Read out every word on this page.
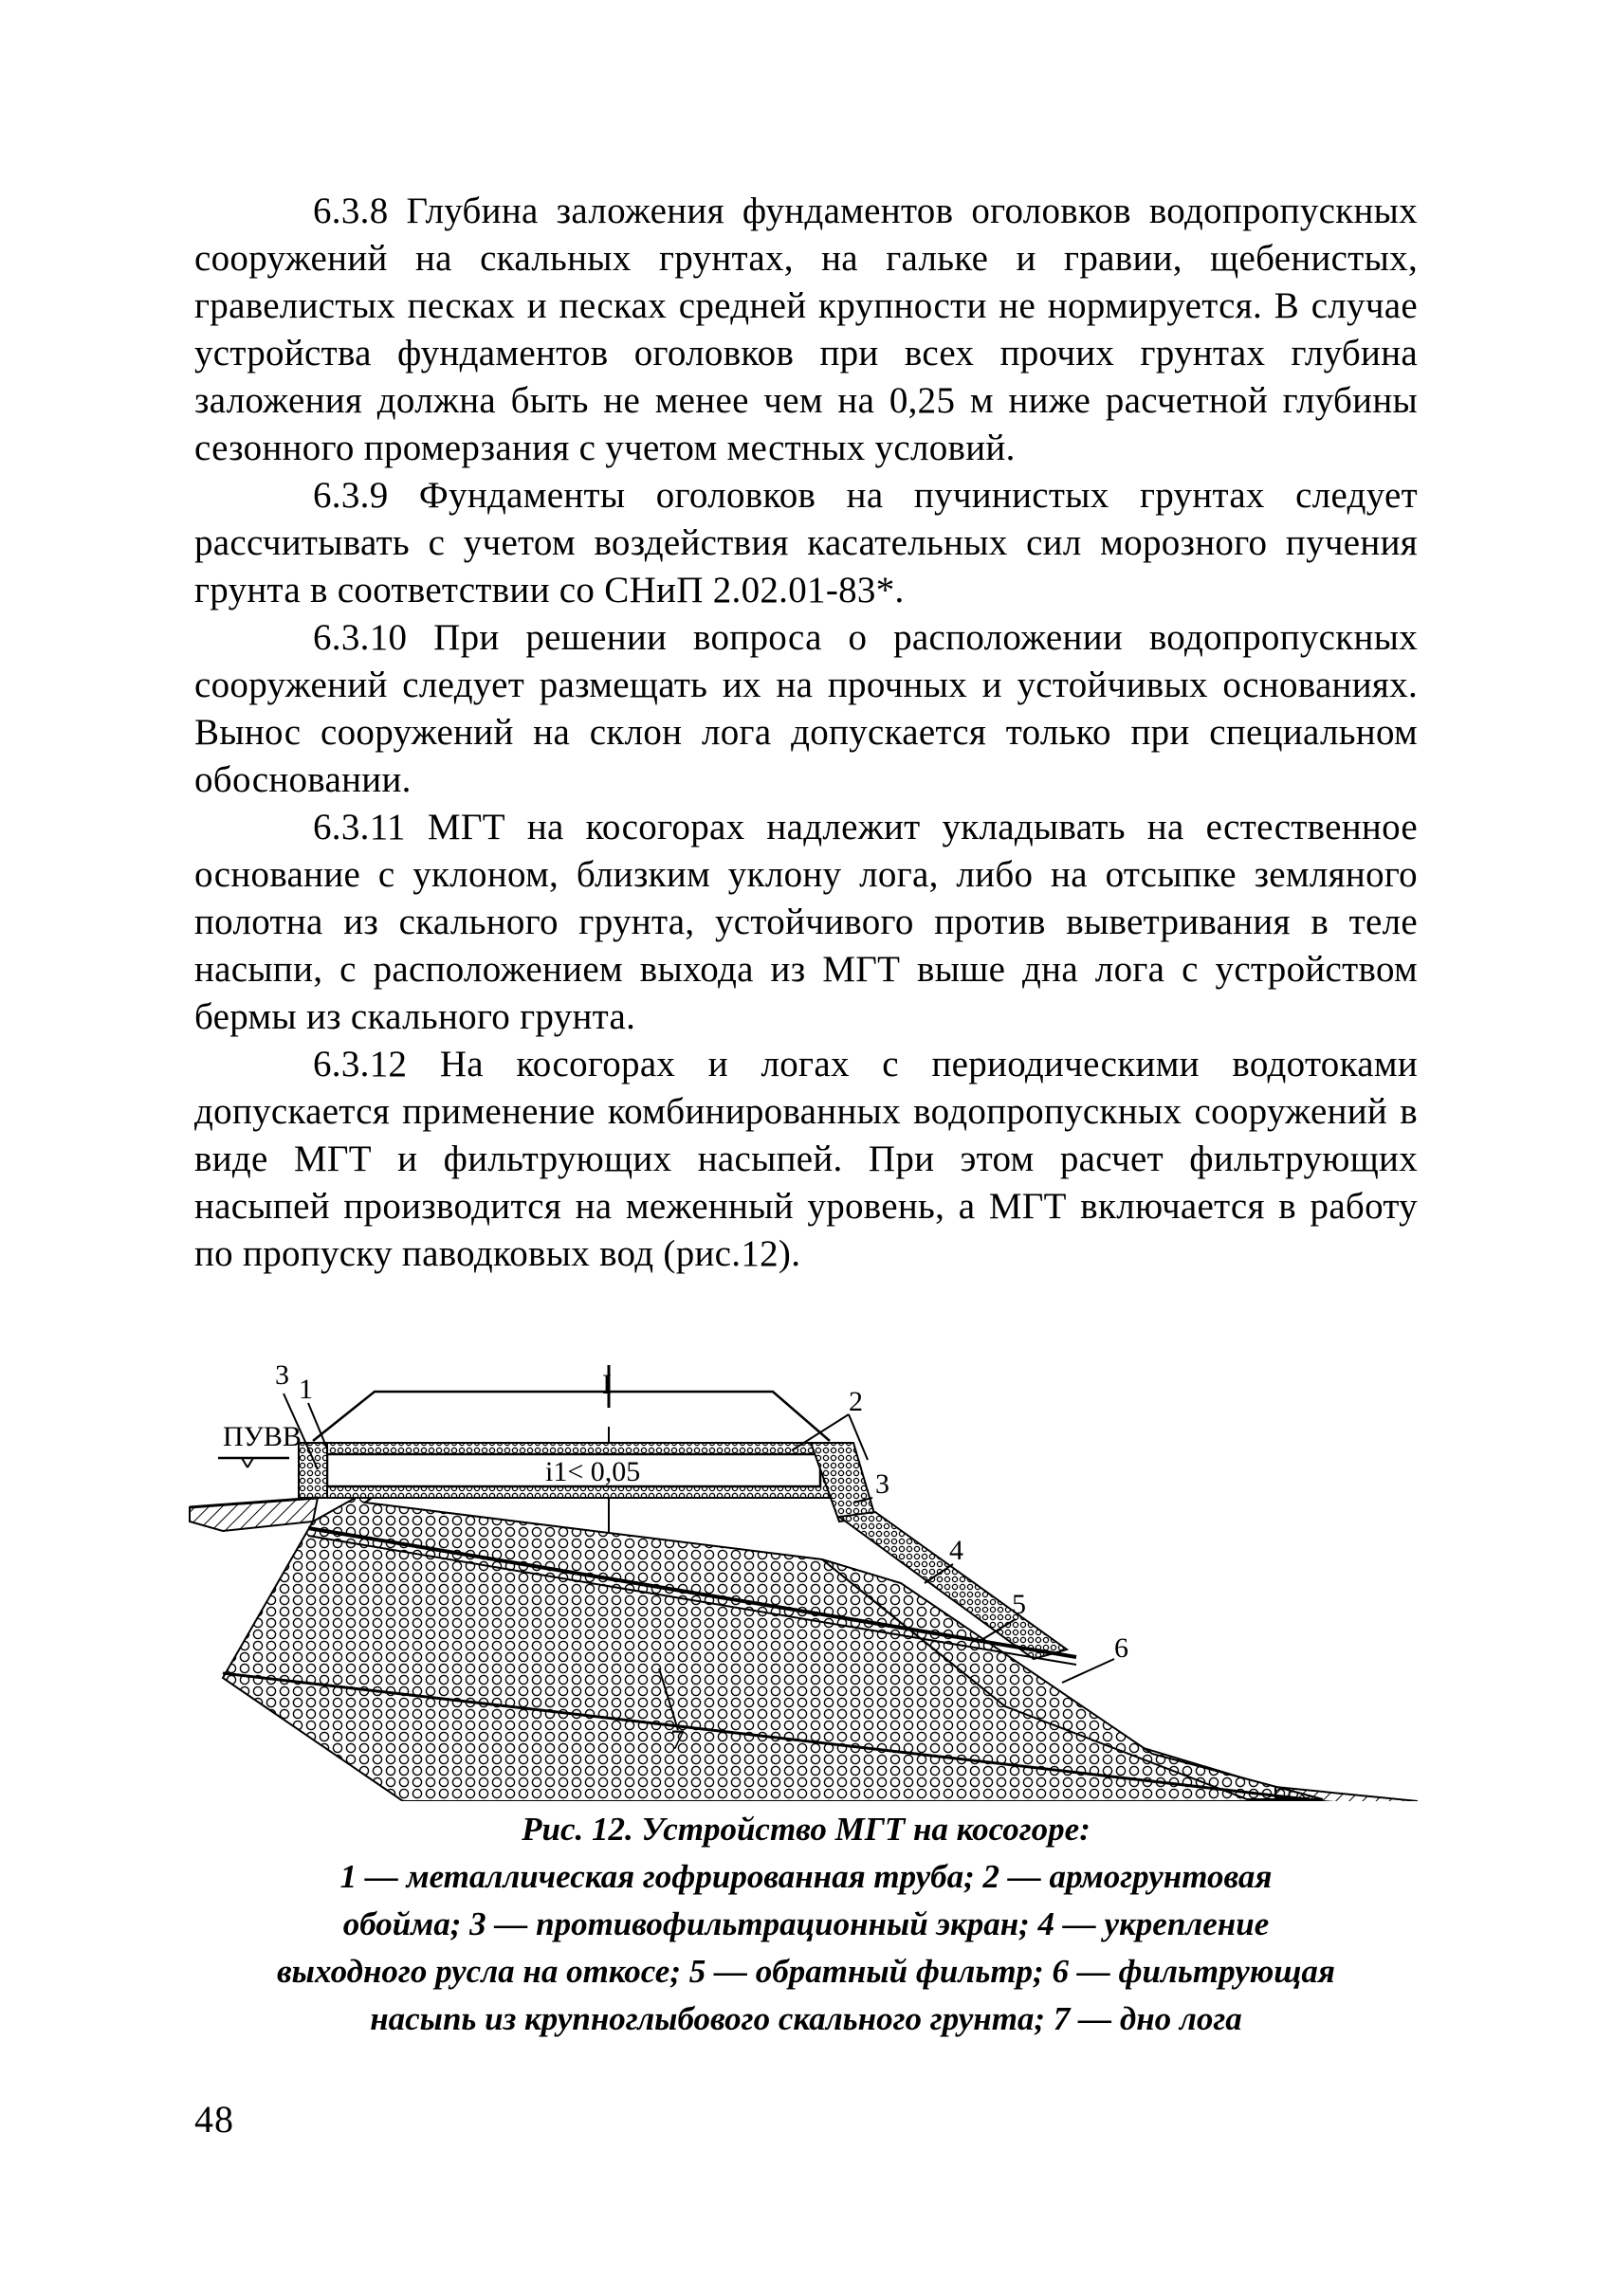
6.3.8 Глубина заложения фундаментов оголовков водопропускных сооружений на скальных грунтах, на гальке и гравии, щебенистых, гравелистых песках и песках средней крупности не нормируется. В случае устройства фундаментов оголовков при всех прочих грунтах глубина заложения должна быть не менее чем на 0,25 м ниже расчетной глубины сезонного промерзания с учетом местных условий.

6.3.9 Фундаменты оголовков на пучинистых грунтах следует рассчитывать с учетом воздействия касательных сил морозного пучения грунта в соответствии со СНиП 2.02.01-83*.

6.3.10 При решении вопроса о расположении водопропускных сооружений следует размещать их на прочных и устойчивых основаниях. Вынос сооружений на склон лога допускается только при специальном обосновании.

6.3.11 МГТ на косогорах надлежит укладывать на естественное основание с уклоном, близким уклону лога, либо на отсыпке земляного полотна из скального грунта, устойчивого против выветривания в теле насыпи, с расположением выхода из МГТ выше дна лога с устройством бермы из скального грунта.

6.3.12 На косогорах и логах с периодическими водотоками допускается применение комбинированных водопропускных сооружений в виде МГТ и фильтрующих насыпей. При этом расчет фильтрующих насыпей производится на меженный уровень, а МГТ включается в работу по пропуску паводковых вод (рис.12).

I
i1< 0,05
ПУВВ
1	2
3
3
4
5
6
7
Рис. 12. Устройство МГТ на косогоре:
1 — металлическая гофрированная труба; 2 — армогрунтовая
обойма; 3 — противофильтрационный экран; 4 — укрепление
выходного русла на откосе; 5 — обратный фильтр; 6 — фильтрующая
насыпь из крупноглыбового скального грунта; 7 — дно лога
48
